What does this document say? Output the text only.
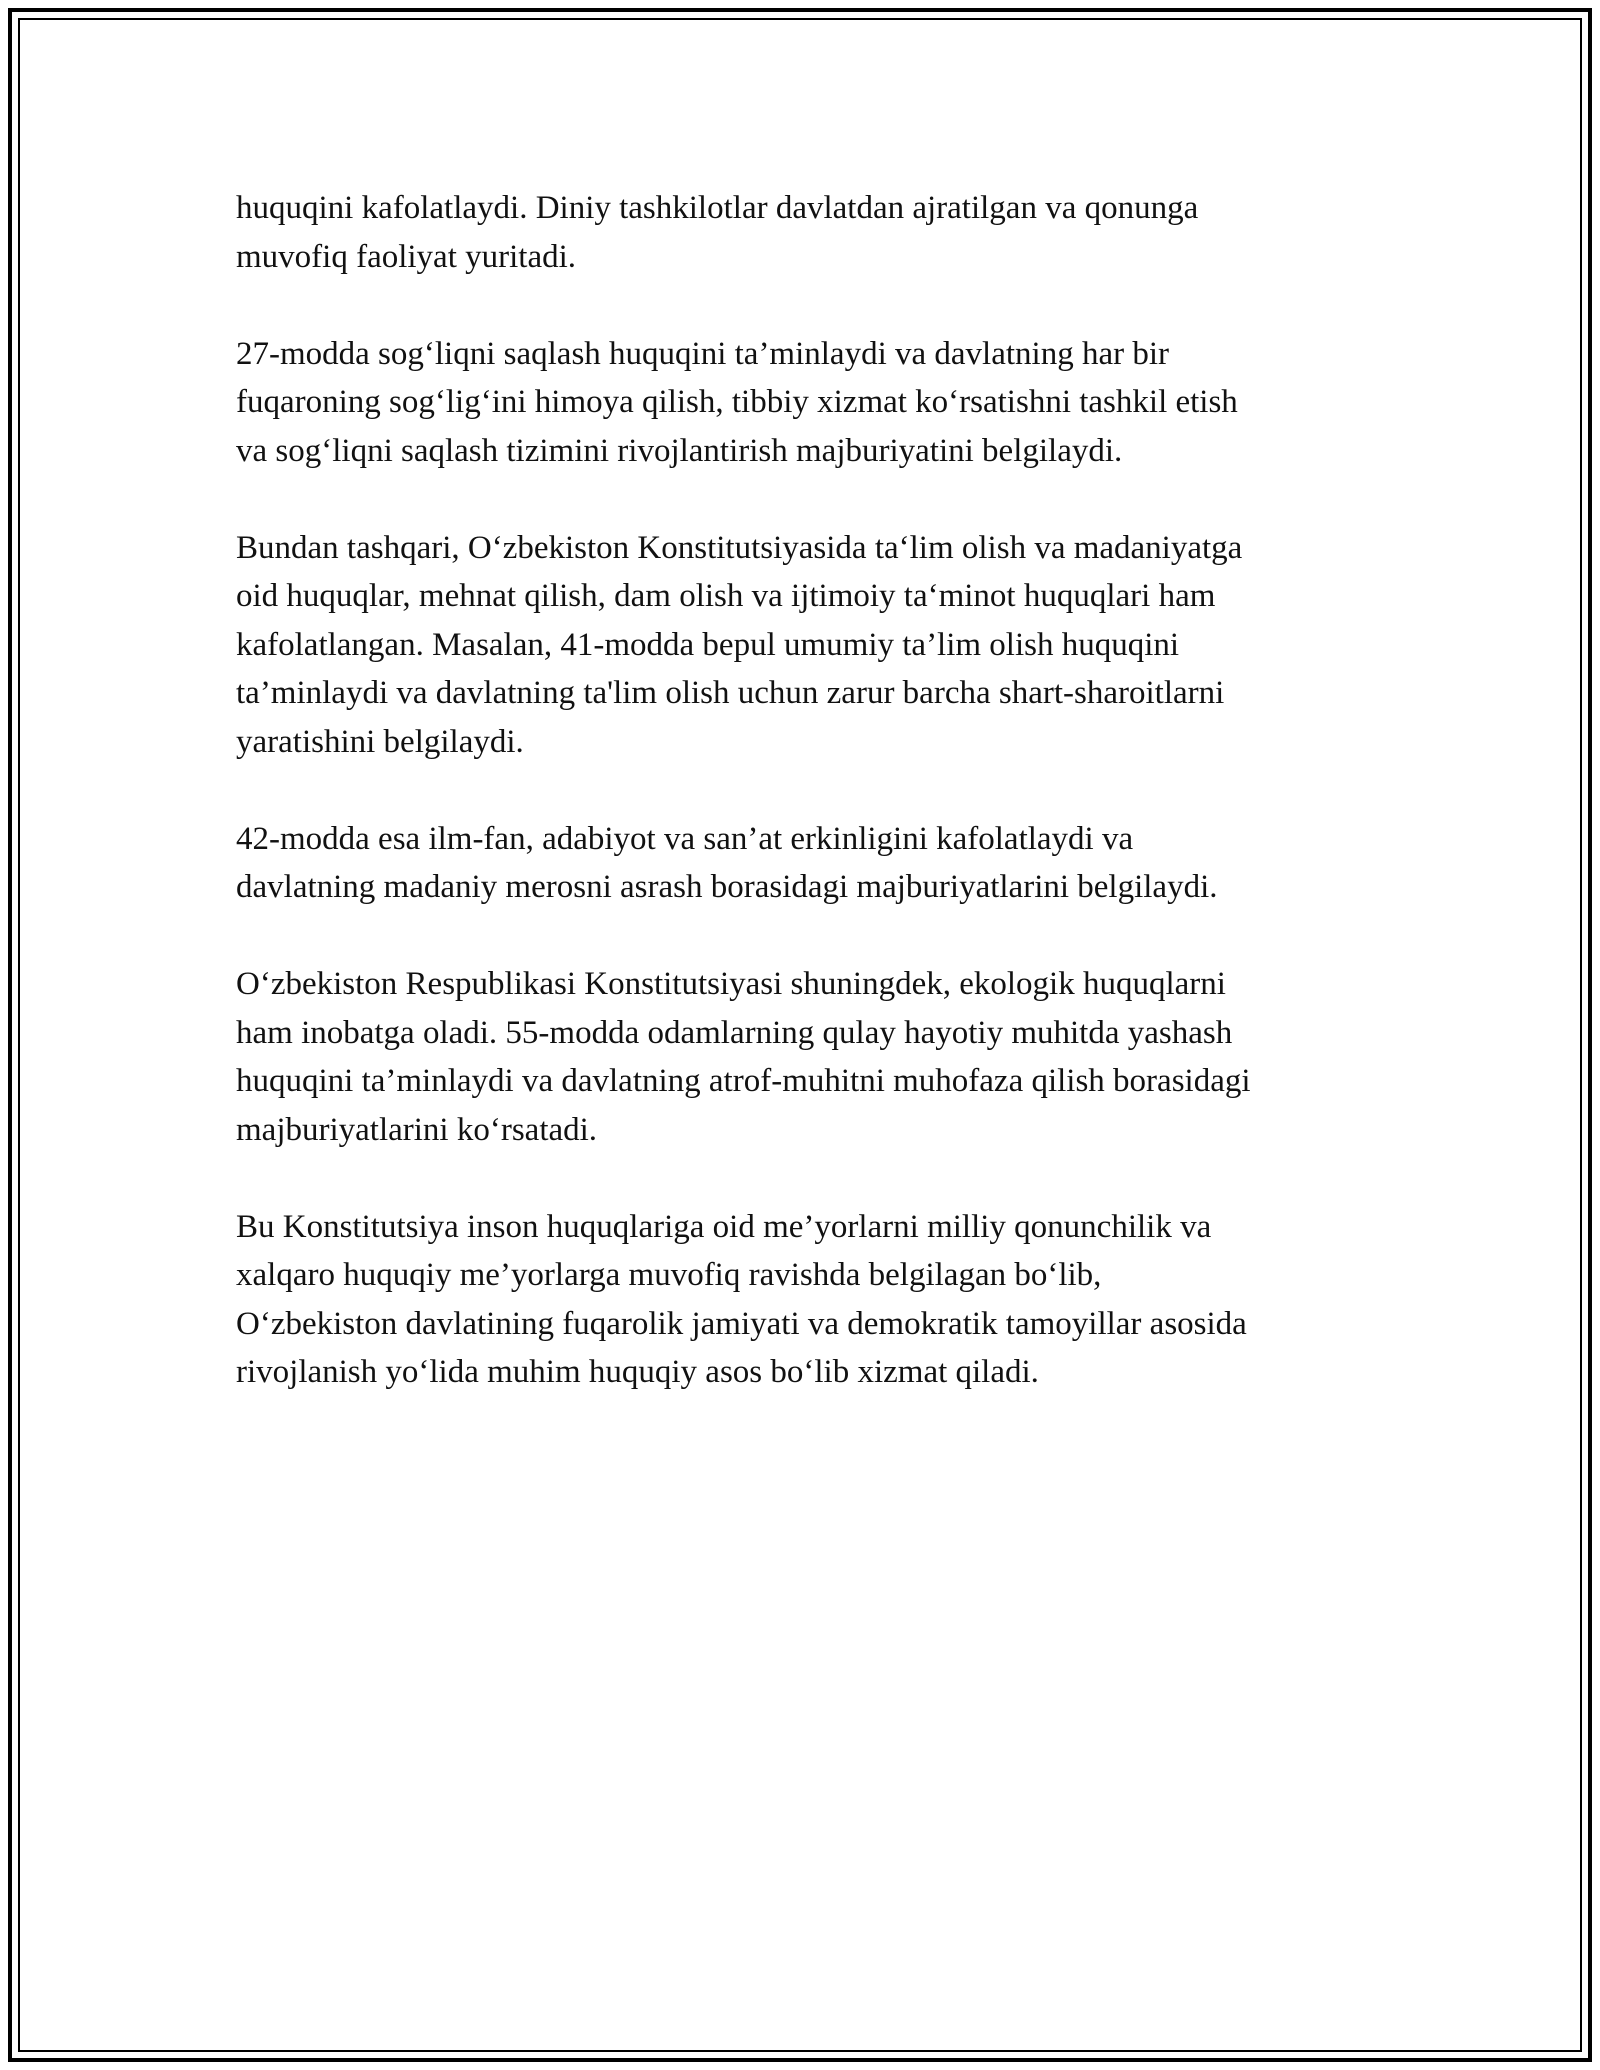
huquqini kafolatlaydi. Diniy tashkilotlar davlatdan ajratilgan va qonunga
muvofiq faoliyat yuritadi.

27-modda sog‘liqni saqlash huquqini ta’minlaydi va davlatning har bir
fuqaroning sog‘lig‘ini himoya qilish, tibbiy xizmat ko‘rsatishni tashkil etish
va sog‘liqni saqlash tizimini rivojlantirish majburiyatini belgilaydi.

Bundan tashqari, O‘zbekiston Konstitutsiyasida ta‘lim olish va madaniyatga
oid huquqlar, mehnat qilish, dam olish va ijtimoiy ta‘minot huquqlari ham
kafolatlangan. Masalan, 41-modda bepul umumiy ta’lim olish huquqini
ta’minlaydi va davlatning ta'lim olish uchun zarur barcha shart-sharoitlarni
yaratishini belgilaydi.

42-modda esa ilm-fan, adabiyot va san’at erkinligini kafolatlaydi va
davlatning madaniy merosni asrash borasidagi majburiyatlarini belgilaydi.

O‘zbekiston Respublikasi Konstitutsiyasi shuningdek, ekologik huquqlarni
ham inobatga oladi. 55-modda odamlarning qulay hayotiy muhitda yashash
huquqini ta’minlaydi va davlatning atrof-muhitni muhofaza qilish borasidagi
majburiyatlarini ko‘rsatadi.

Bu Konstitutsiya inson huquqlariga oid me’yorlarni milliy qonunchilik va
xalqaro huquqiy me’yorlarga muvofiq ravishda belgilagan bo‘lib,
O‘zbekiston davlatining fuqarolik jamiyati va demokratik tamoyillar asosida
rivojlanish yo‘lida muhim huquqiy asos bo‘lib xizmat qiladi.
